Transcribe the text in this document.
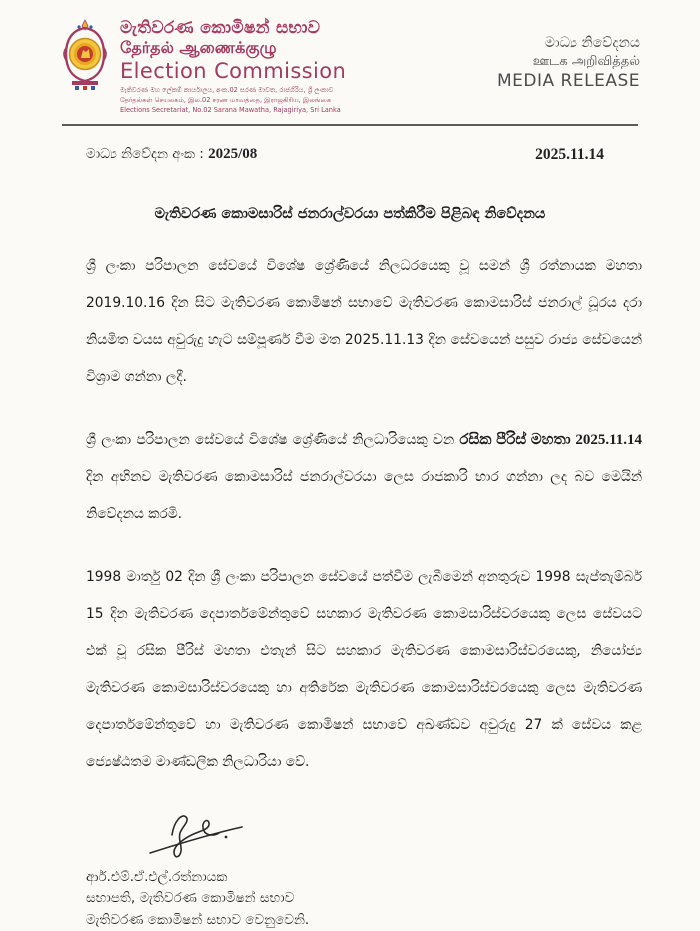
මැතිවරණ කොමිෂන් සභාව
தேர்தல் ஆணைக்குழு
Election Commission
මැතිවරණ මහ ලේකම් කාර්යාලය, අංක.02 සරණ මාවත, රාජගිරිය, ශ්‍රී ලංකාව
தேர்தல்கள் செயலகம், இல.02 சரண மாவத்தை, இராஜகிரிய, இலங்கை
Elections Secretariat, No.02 Sarana Mawatha, Rajagiriya, Sri Lanka
මාධ්‍ය නිවේදනය
ஊடக அறிவித்தல்
MEDIA RELEASE
මාධ්‍ය නිවේදන අංක : 2025/08	2025.11.14
මැතිවරණ කොමසාරිස් ජනරාල්වරයා පත්කිරීම පිළිබඳ නිවේදනය

ශ්‍රී ලංකා පරිපාලන සේවයේ විශේෂ ශ්‍රේණියේ නිලධරයෙකු වූ සමන් ශ්‍රී රත්නායක මහතා 2019.10.16 දින සිට මැතිවරණ කොමිෂන් සභාවේ මැතිවරණ කොමසාරිස් ජනරාල් ධූරය දරා නියමිත වයස අවුරුදු හැට සම්පූර්ණ වීම මත 2025.11.13 දින සේවයෙන් පසුව රාජ්‍ය සේවයෙන් විශ්‍රාම ගන්නා ලදී.

ශ්‍රී ලංකා පරිපාලන සේවයේ විශේෂ ශ්‍රේණියේ නිලධාරියෙකු වන රසික පීරිස් මහතා 2025.11.14 දින අභිනව මැතිවරණ කොමසාරිස් ජනරාල්වරයා ලෙස රාජකාරි භාර ගන්නා ලද බව මෙයින් නිවේදනය කරමි.

1998 මාර්තු 02 දින ශ්‍රී ලංකා පරිපාලන සේවයේ පත්වීම ලැබීමෙන් අනතුරුව 1998 සැප්තැම්බර් 15 දින මැතිවරණ දෙපාර්තමේන්තුවේ සහකාර මැතිවරණ කොමසාරිස්වරයෙකු ලෙස සේවයට එක් වූ රසික පීරිස් මහතා එතැන් සිට සහකාර මැතිවරණ කොමසාරිස්වරයෙකු, නියෝජ්‍ය මැතිවරණ කොමසාරිස්වරයෙකු හා අතිරේක මැතිවරණ කොමසාරිස්වරයෙකු ලෙස මැතිවරණ දෙපාර්තමේන්තුවේ හා මැතිවරණ කොමිෂන් සභාවේ අඛණ්ඩව අවුරුදු 27 ක් සේවය කළ ජ්‍යෙෂ්ඨතම මාණ්ඩලික නිලධාරියා වේ.

ආර්.එම්.ඒ.එල්.රත්නායක
සභාපති, මැතිවරණ කොමිෂන් සභාව
මැතිවරණ කොමිෂන් සභාව වෙනුවෙනි.
